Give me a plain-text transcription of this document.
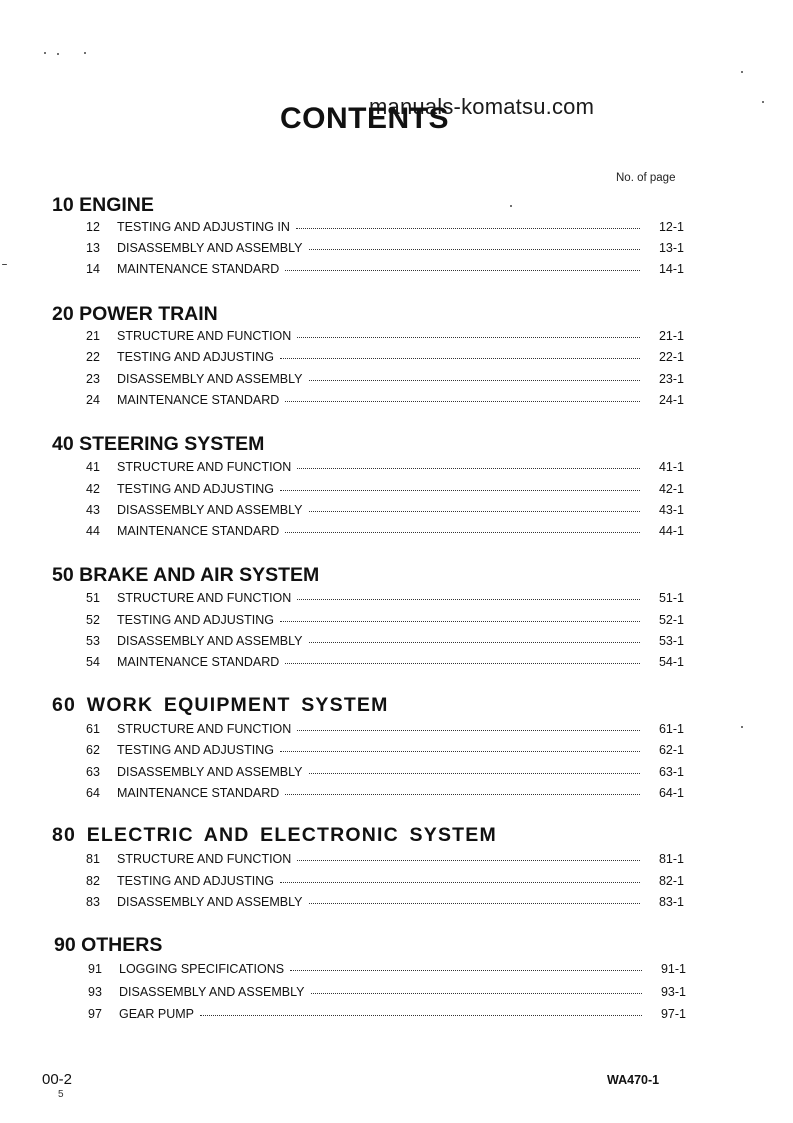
manuals-komatsu.com
CONTENTS
No. of page
10 ENGINE
12 TESTING AND ADJUSTING IN	12-1
13 DISASSEMBLY AND ASSEMBLY	13-1
14 MAINTENANCE STANDARD	14-1
20 POWER TRAIN
21 STRUCTURE AND FUNCTION	21-1
22 TESTING AND ADJUSTING	22-1
23 DISASSEMBLY AND ASSEMBLY	23-1
24 MAINTENANCE STANDARD	24-1
40 STEERING SYSTEM
41 STRUCTURE AND FUNCTION	41-1
42 TESTING AND ADJUSTING	42-1
43 DISASSEMBLY AND ASSEMBLY	43-1
44 MAINTENANCE STANDARD	44-1
50 BRAKE AND AIR SYSTEM
51 STRUCTURE AND FUNCTION	51-1
52 TESTING AND ADJUSTING	52-1
53 DISASSEMBLY AND ASSEMBLY	53-1
54 MAINTENANCE STANDARD	54-1
60 WORK EQUIPMENT SYSTEM
61 STRUCTURE AND FUNCTION	61-1
62 TESTING AND ADJUSTING	62-1
63 DISASSEMBLY AND ASSEMBLY	63-1
64 MAINTENANCE STANDARD	64-1
80 ELECTRIC AND ELECTRONIC SYSTEM
81 STRUCTURE AND FUNCTION	81-1
82 TESTING AND ADJUSTING	82-1
83 DISASSEMBLY AND ASSEMBLY	83-1
90 OTHERS
91 LOGGING SPECIFICATIONS	91-1
93 DISASSEMBLY AND ASSEMBLY	93-1
97 GEAR PUMP	97-1
00-2
5
WA470-1
